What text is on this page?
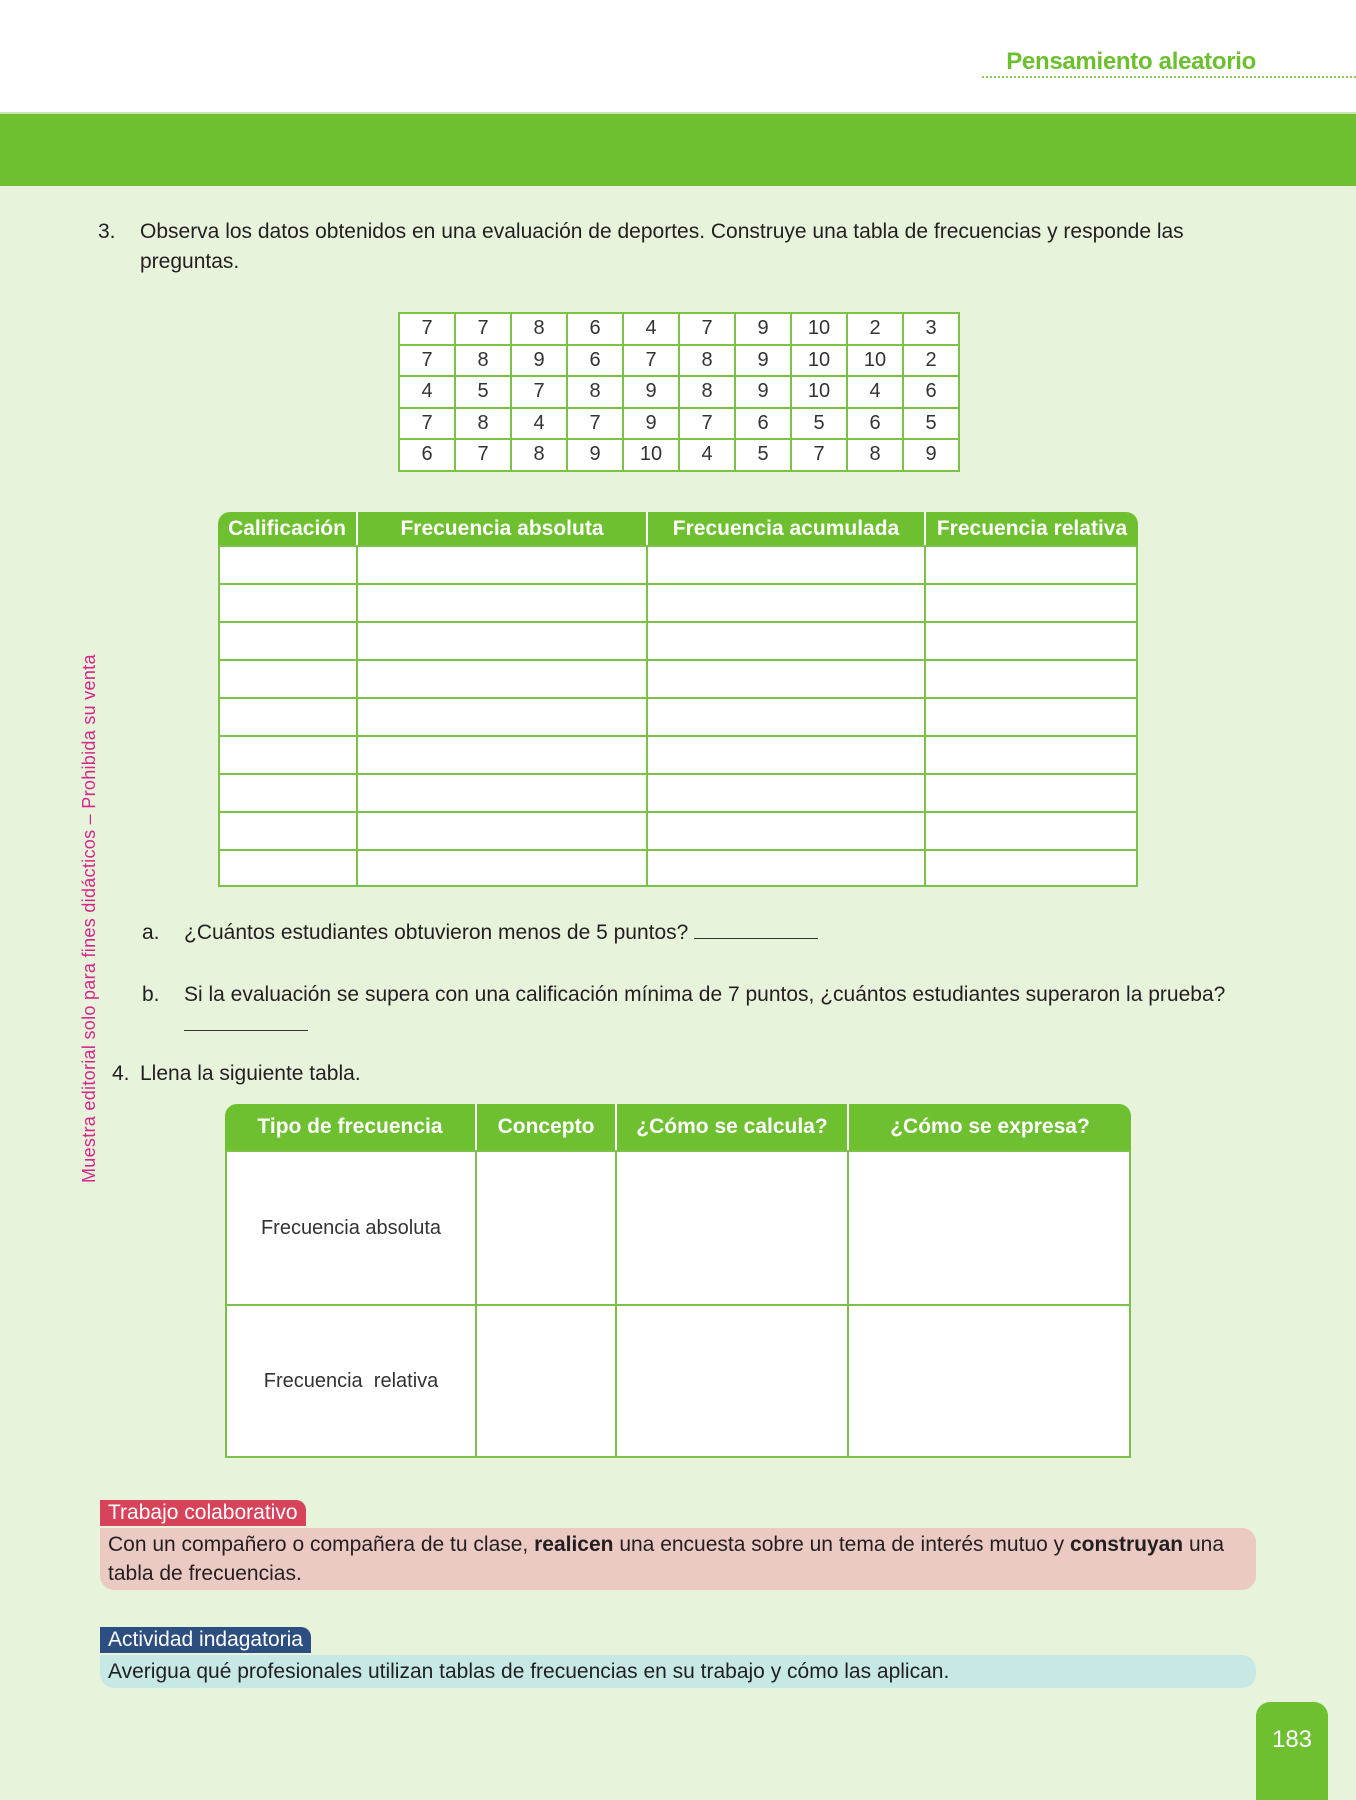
Pensamiento aleatorio
Muestra editorial solo para fines didácticos – Prohibida su venta
3. Observa los datos obtenidos en una evaluación de deportes. Construye una tabla de frecuencias y responde las preguntas.
7	7	8	6	4	7	9	10	2	3
7	8	9	6	7	8	9	10	10	2
4	5	7	8	9	8	9	10	4	6
7	8	4	7	9	7	6	5	6	5
6	7	8	9	10	4	5	7	8	9
Calificación	Frecuencia absoluta	Frecuencia acumulada	Frecuencia relativa

a. ¿Cuántos estudiantes obtuvieron menos de 5 puntos?
b. Si la evaluación se supera con una calificación mínima de 7 puntos, ¿cuántos estudiantes superaron la prueba?

4. Llena la siguiente tabla.
Tipo de frecuencia	Concepto	¿Cómo se calcula?	¿Cómo se expresa?
Frecuencia absoluta			
Frecuencia  relativa			
Trabajo colaborativo
Con un compañero o compañera de tu clase, realicen una encuesta sobre un tema de interés mutuo y construyan una tabla de frecuencias.
Actividad indagatoria
Averigua qué profesionales utilizan tablas de frecuencias en su trabajo y cómo las aplican.
183
